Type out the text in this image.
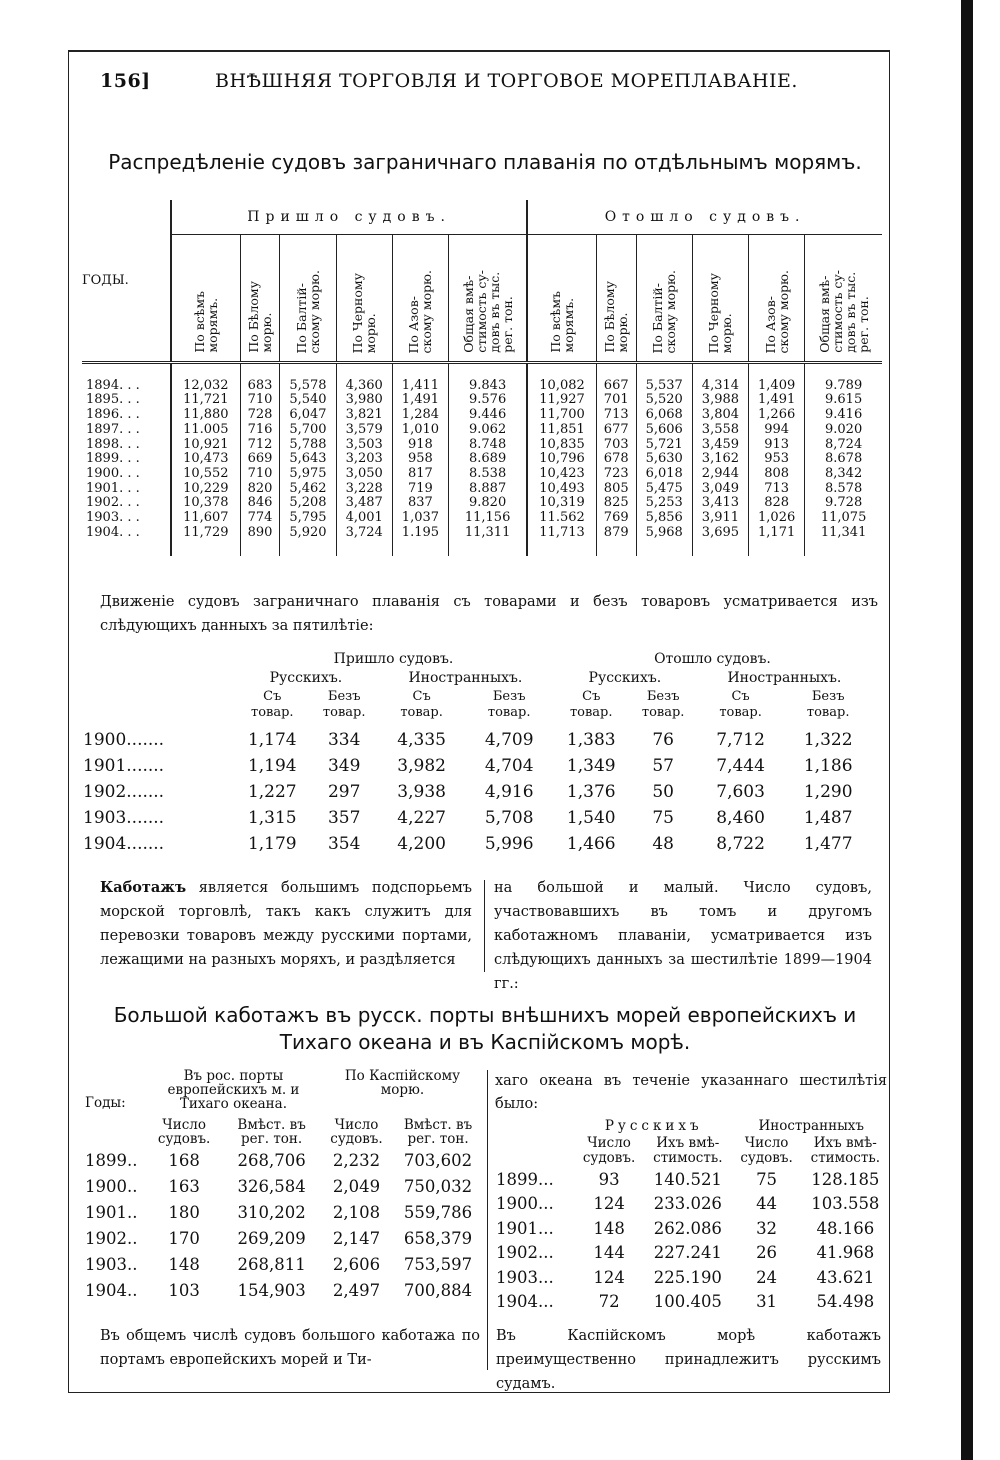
156]	ВНѢШНЯЯ ТОРГОВЛЯ И ТОРГОВОЕ МОРЕПЛАВАНІЕ.
Распредѣленіе судовъ заграничнаго плаванія по отдѣльнымъ морямъ.
ГОДЫ.	Пришло судовъ.						Отошло судовъ.					
	По всѣмъ
морямъ.	По Бѣлому
морю.	По Балтій-
скому морю.	По Черному
морю.	По Азов-
скому морю.	Общая вмѣ-
стимость су-
довъ въ тыс.
рег. тон.	По всѣмъ
морямъ.	По Бѣлому
морю.	По Балтій-
скому морю.	По Черному
морю.	По Азов-
скому морю.	Общая вмѣ-
стимость су-
довъ въ тыс.
рег. тон.

1894. . .	12,032	683	5,578	4,360	1,411	9.843	10,082	667	5,537	4,314	1,409	9.789
1895. . .	11,721	710	5,540	3,980	1,491	9.576	11,927	701	5,520	3,988	1,491	9.615
1896. . .	11,880	728	6,047	3,821	1,284	9.446	11,700	713	6,068	3,804	1,266	9.416
1897. . .	11.005	716	5,700	3,579	1,010	9.062	11,851	677	5,606	3,558	994	9.020
1898. . .	10,921	712	5,788	3,503	918	8.748	10,835	703	5,721	3,459	913	8,724
1899. . .	10,473	669	5,643	3,203	958	8.689	10,796	678	5,630	3,162	953	8.678
1900. . .	10,552	710	5,975	3,050	817	8.538	10,423	723	6,018	2,944	808	8,342
1901. . .	10,229	820	5,462	3,228	719	8.887	10,493	805	5,475	3,049	713	8.578
1902. . .	10,378	846	5,208	3,487	837	9.820	10,319	825	5,253	3,413	828	9.728
1903. . .	11,607	774	5,795	4,001	1,037	11,156	11.562	769	5,856	3,911	1,026	11,075
1904. . .	11,729	890	5,920	3,724	1.195	11,311	11,713	879	5,968	3,695	1,171	11,341

Движеніе судовъ заграничнаго плаванія съ товарами и безъ товаровъ усматривается изъ слѣдующихъ данныхъ за пятилѣтіе:
	Пришло судовъ.				Отошло судовъ.			
	Русскихъ.		Иностранныхъ.		Русскихъ.		Иностранныхъ.	
	Съ
товар.	Безъ
товар.	Съ
товар.	Безъ
товар.	Съ
товар.	Безъ
товар.	Съ
товар.	Безъ
товар.
1900.......	1,174	334	4,335	4,709	1,383	76	7,712	1,322
1901.......	1,194	349	3,982	4,704	1,349	57	7,444	1,186
1902.......	1,227	297	3,938	4,916	1,376	50	7,603	1,290
1903.......	1,315	357	4,227	5,708	1,540	75	8,460	1,487
1904.......	1,179	354	4,200	5,996	1,466	48	8,722	1,477
Каботажъ является большимъ подспорьемъ морской торговлѣ, такъ какъ служитъ для перевозки товаровъ между русскими портами, лежащими на разныхъ моряхъ, и раздѣляется
на большой и малый. Число судовъ, участвовавшихъ въ томъ и другомъ каботажномъ плаваніи, усматривается изъ слѣдующихъ данныхъ за шестилѣтіе 1899—1904 гг.:
Большой каботажъ въ русск. порты внѣшнихъ морей европейскихъ и
Тихаго океана и въ Каспійскомъ морѣ.
Годы:	Въ рос. порты
европейскихъ м. и
Тихаго океана.		По Каспійскому
морю.	
	Число
судовъ.	Вмѣст. въ
рег. тон.	Число
судовъ.	Вмѣст. въ
рег. тон.
1899..	168	268,706	2,232	703,602
1900..	163	326,584	2,049	750,032
1901..	180	310,202	2,108	559,786
1902..	170	269,209	2,147	658,379
1903..	148	268,811	2,606	753,597
1904..	103	154,903	2,497	700,884
хаго океана въ теченіе указаннаго шестилѣтія было:
	Русскихъ		Иностранныхъ	
	Число
судовъ.	Ихъ вмѣ-
стимость.	Число
судовъ.	Ихъ вмѣ-
стимость.
1899...	93	140.521	75	128.185
1900...	124	233.026	44	103.558
1901...	148	262.086	32	48.166
1902...	144	227.241	26	41.968
1903...	124	225.190	24	43.621
1904...	72	100.405	31	54.498
Въ общемъ числѣ судовъ большого каботажа по портамъ европейскихъ морей и Ти-
Въ Каспійскомъ морѣ каботажъ преимущественно принадлежитъ русскимъ судамъ.
